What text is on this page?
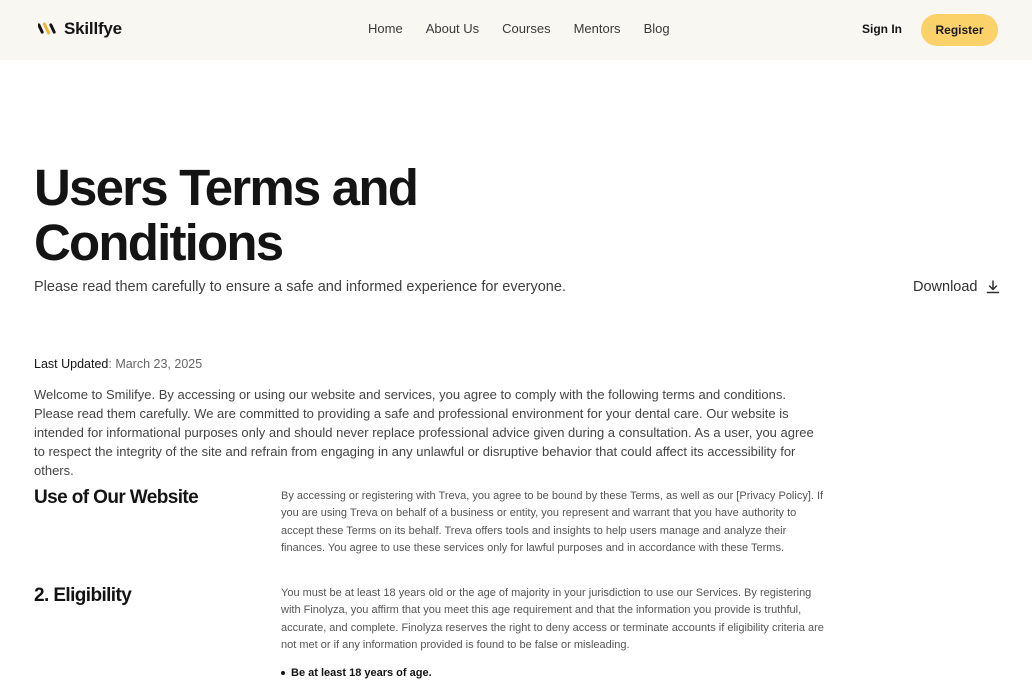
Skillfye	Home About Us Courses Mentors Blog	Sign In	Register
Users Terms and Conditions

Please read them carefully to ensure a safe and informed experience for everyone.	Download

Last Updated: March 23, 2025

Welcome to Smilifye. By accessing or using our website and services, you agree to comply with the following terms and conditions. Please read them carefully. We are committed to providing a safe and professional environment for your dental care. Our website is intended for informational purposes only and should never replace professional advice given during a consultation. As a user, you agree to respect the integrity of the site and refrain from engaging in any unlawful or disruptive behavior that could affect its accessibility for others.

Use of Our Website	By accessing or registering with Treva, you agree to be bound by these Terms, as well as our [Privacy Policy]. If you are using Treva on behalf of a business or entity, you represent and warrant that you have authority to accept these Terms on its behalf. Treva offers tools and insights to help users manage and analyze their finances. You agree to use these services only for lawful purposes and in accordance with these Terms.

2. Eligibility	You must be at least 18 years old or the age of majority in your jurisdiction to use our Services. By registering with Finolyza, you affirm that you meet this age requirement and that the information you provide is truthful, accurate, and complete. Finolyza reserves the right to deny access or terminate accounts if eligibility criteria are not met or if any information provided is found to be false or misleading.

Be at least 18 years of age.
